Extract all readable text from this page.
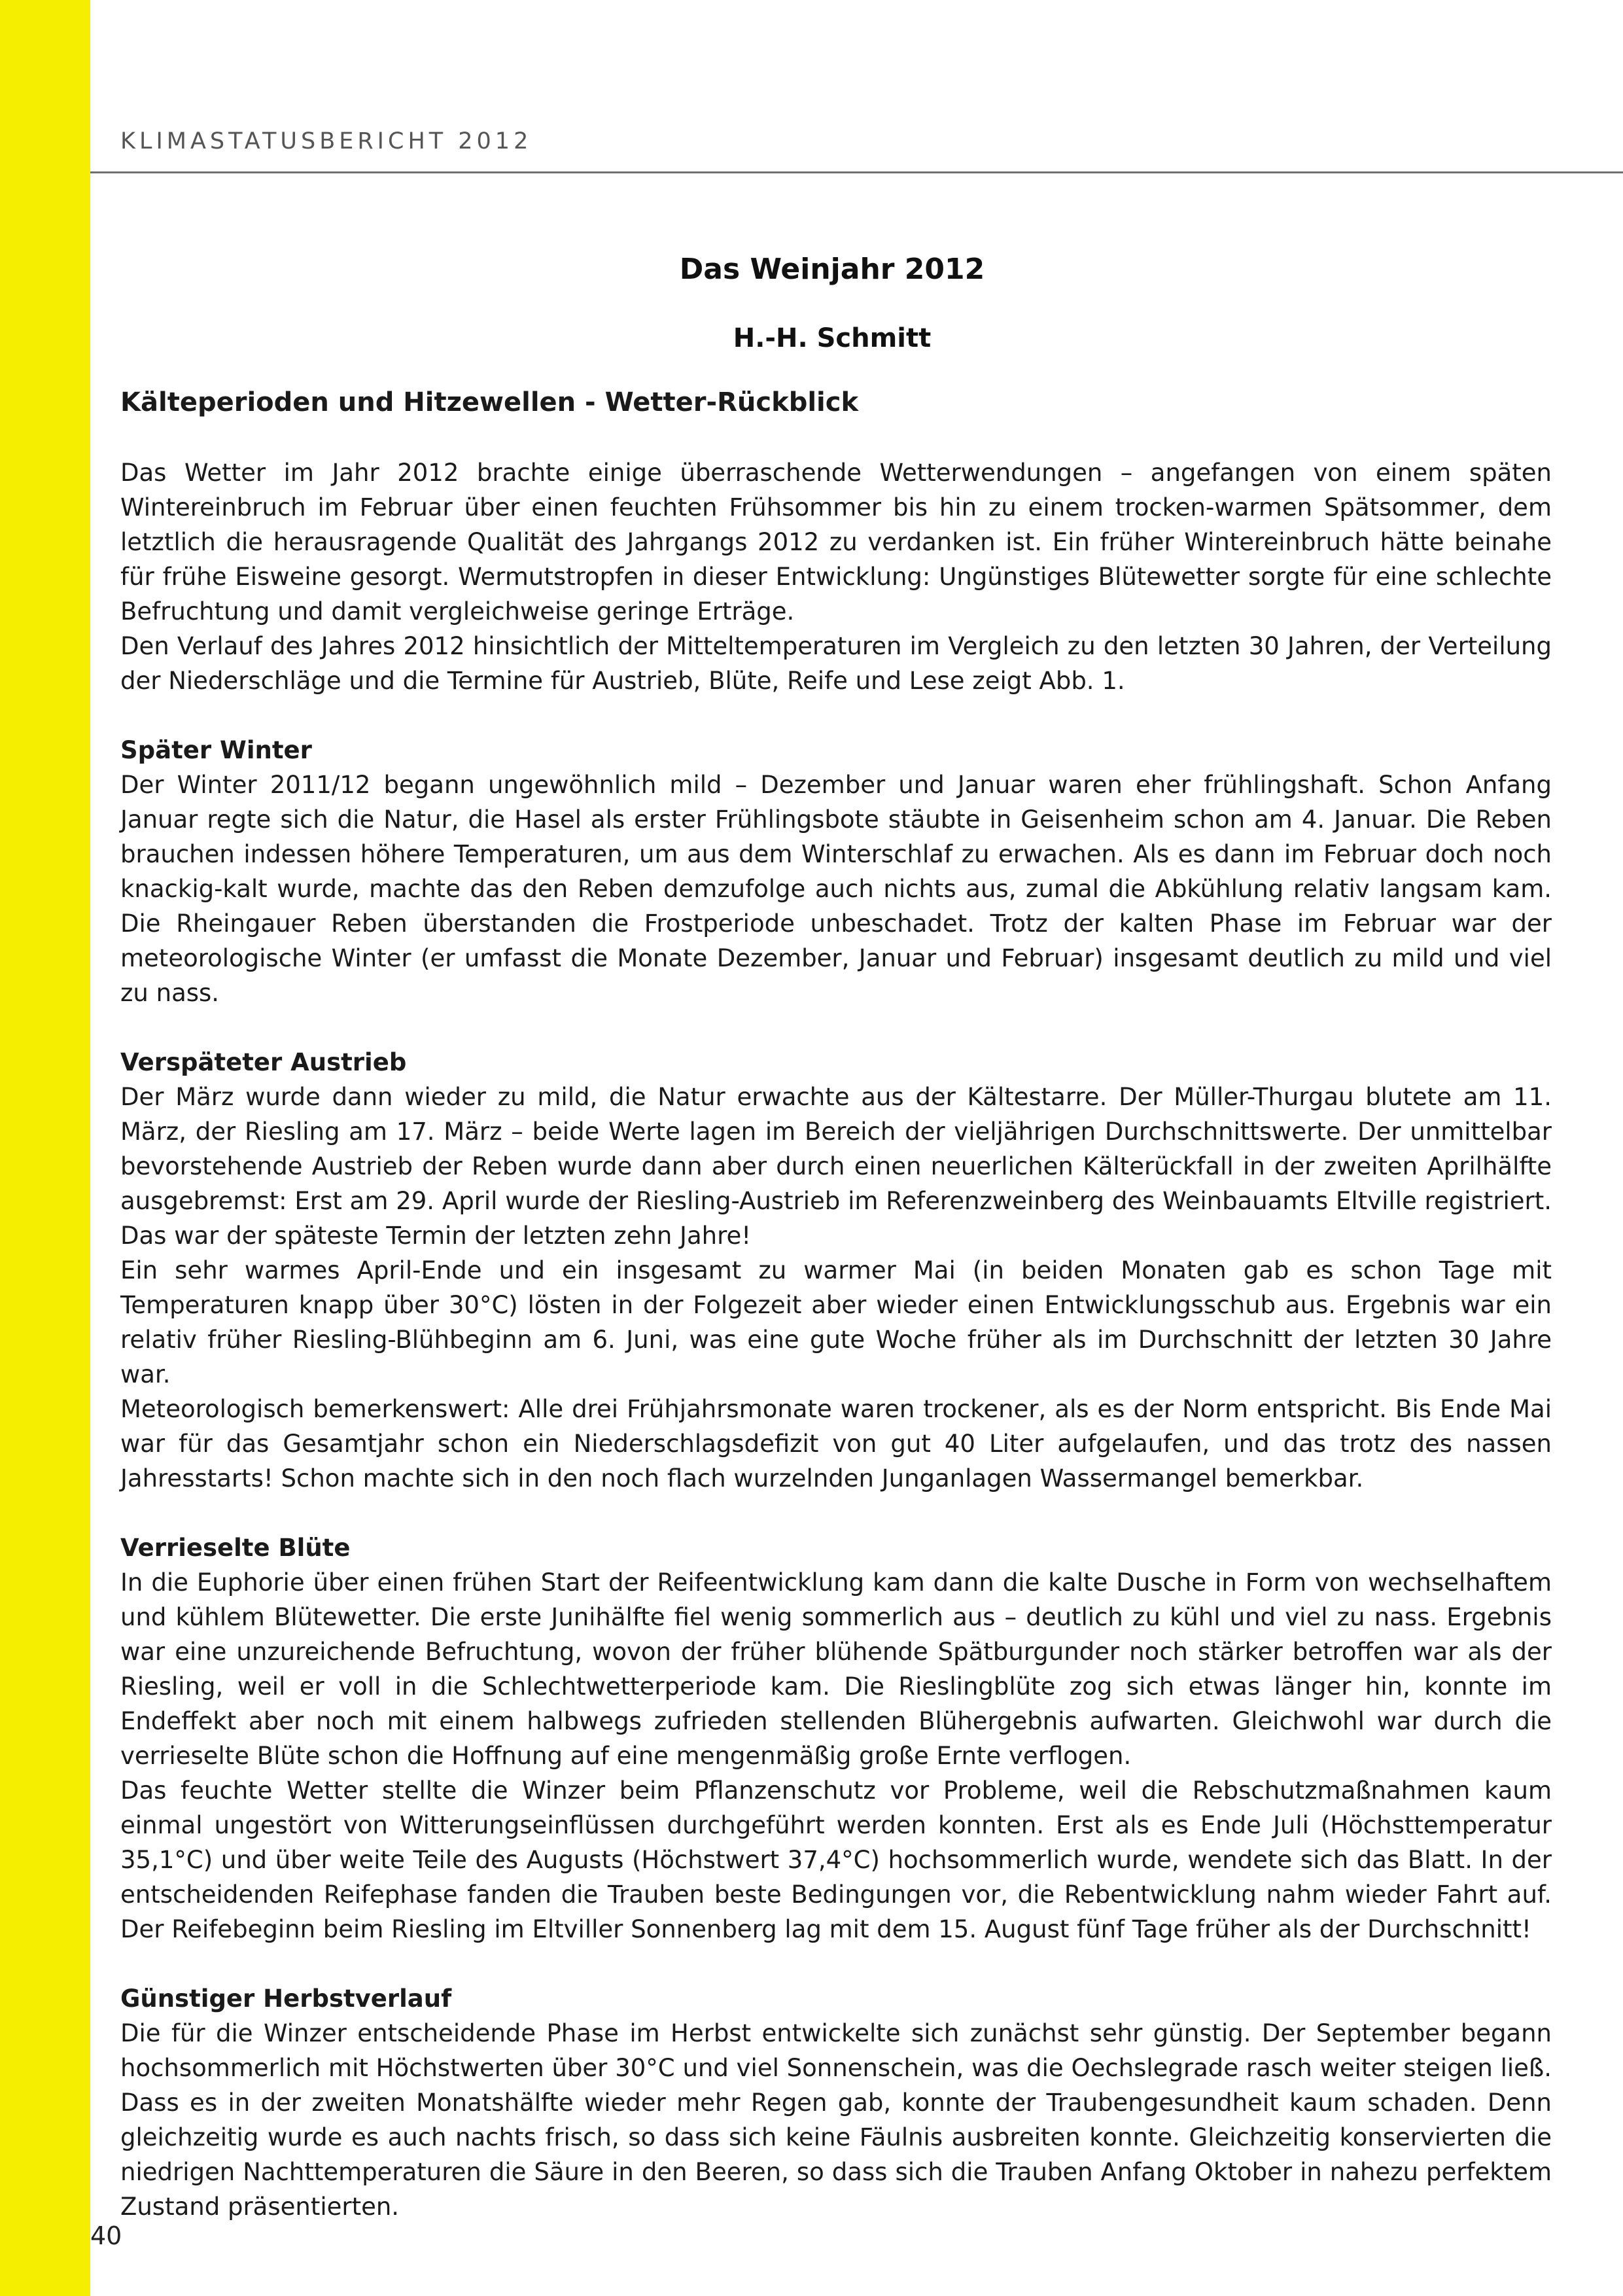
KLIMASTATUSBERICHT 2012
Das Weinjahr 2012
H.-H. Schmitt
Kälteperioden und Hitzewellen - Wetter-Rückblick

Das Wetter im Jahr 2012 brachte einige überraschende Wetterwendungen – angefangen von einem späten Wintereinbruch im Februar über einen feuchten Frühsommer bis hin zu einem trocken-warmen Spätsommer, dem letztlich die herausragende Qualität des Jahrgangs 2012 zu verdanken ist. Ein früher Wintereinbruch hätte beinahe für frühe Eisweine gesorgt. Wermutstropfen in dieser Entwicklung: Ungünstiges Blütewetter sorgte für eine schlechte Befruchtung und damit vergleichweise geringe Erträge.

Den Verlauf des Jahres 2012 hinsichtlich der Mitteltemperaturen im Vergleich zu den letzten 30 Jahren, der Verteilung der Niederschläge und die Termine für Austrieb, Blüte, Reife und Lese zeigt Abb. 1.

Später Winter

Der Winter 2011/12 begann ungewöhnlich mild – Dezember und Januar waren eher frühlingshaft. Schon Anfang Januar regte sich die Natur, die Hasel als erster Frühlingsbote stäubte in Geisenheim schon am 4. Januar. Die Reben brauchen indessen höhere Temperaturen, um aus dem Winterschlaf zu erwachen. Als es dann im Februar doch noch knackig-kalt wurde, machte das den Reben demzufolge auch nichts aus, zumal die Abkühlung relativ langsam kam. Die Rheingauer Reben überstanden die Frostperiode unbeschadet. Trotz der kalten Phase im Februar war der meteorologische Winter (er umfasst die Monate Dezember, Januar und Februar) insgesamt deutlich zu mild und viel zu nass.

Verspäteter Austrieb

Der März wurde dann wieder zu mild, die Natur erwachte aus der Kältestarre. Der Müller-Thurgau blutete am 11. März, der Riesling am 17. März – beide Werte lagen im Bereich der vieljährigen Durchschnittswerte. Der unmittelbar bevorstehende Austrieb der Reben wurde dann aber durch einen neuerlichen Kälterückfall in der zweiten Aprilhälfte ausgebremst: Erst am 29. April wurde der Riesling-Austrieb im Referenzweinberg des Weinbauamts Eltville registriert. Das war der späteste Termin der letzten zehn Jahre!

Ein sehr warmes April-Ende und ein insgesamt zu warmer Mai (in beiden Monaten gab es schon Tage mit Temperaturen knapp über 30°C) lösten in der Folgezeit aber wieder einen Entwicklungsschub aus. Ergebnis war ein relativ früher Riesling-Blühbeginn am 6. Juni, was eine gute Woche früher als im Durchschnitt der letzten 30 Jahre war.

Meteorologisch bemerkenswert: Alle drei Frühjahrsmonate waren trockener, als es der Norm entspricht. Bis Ende Mai war für das Gesamtjahr schon ein Niederschlagsdefizit von gut 40 Liter aufgelaufen, und das trotz des nassen Jahresstarts! Schon machte sich in den noch flach wurzelnden Junganlagen Wassermangel bemerkbar.

Verrieselte Blüte

In die Euphorie über einen frühen Start der Reifeentwicklung kam dann die kalte Dusche in Form von wechselhaftem und kühlem Blütewetter. Die erste Junihälfte fiel wenig sommerlich aus – deutlich zu kühl und viel zu nass. Ergebnis war eine unzureichende Befruchtung, wovon der früher blühende Spätburgunder noch stärker betroffen war als der Riesling, weil er voll in die Schlechtwetterperiode kam. Die Rieslingblüte zog sich etwas länger hin, konnte im Endeffekt aber noch mit einem halbwegs zufrieden stellenden Blühergebnis aufwarten. Gleichwohl war durch die verrieselte Blüte schon die Hoffnung auf eine mengenmäßig große Ernte verflogen.

Das feuchte Wetter stellte die Winzer beim Pflanzenschutz vor Probleme, weil die Rebschutzmaßnahmen kaum einmal ungestört von Witterungseinflüssen durchgeführt werden konnten. Erst als es Ende Juli (Höchsttemperatur 35,1°C) und über weite Teile des Augusts (Höchstwert 37,4°C) hochsommerlich wurde, wendete sich das Blatt. In der entscheidenden Reifephase fanden die Trauben beste Bedingungen vor, die Rebentwicklung nahm wieder Fahrt auf. Der Reifebeginn beim Riesling im Eltviller Sonnenberg lag mit dem 15. August fünf Tage früher als der Durchschnitt!

Günstiger Herbstverlauf

Die für die Winzer entscheidende Phase im Herbst entwickelte sich zunächst sehr günstig. Der September begann hochsommerlich mit Höchstwerten über 30°C und viel Sonnenschein, was die Oechslegrade rasch weiter steigen ließ. Dass es in der zweiten Monatshälfte wieder mehr Regen gab, konnte der Traubengesundheit kaum schaden. Denn gleichzeitig wurde es auch nachts frisch, so dass sich keine Fäulnis ausbreiten konnte. Gleichzeitig konservierten die niedrigen Nachttemperaturen die Säure in den Beeren, so dass sich die Trauben Anfang Oktober in nahezu perfektem Zustand präsentierten.

40
